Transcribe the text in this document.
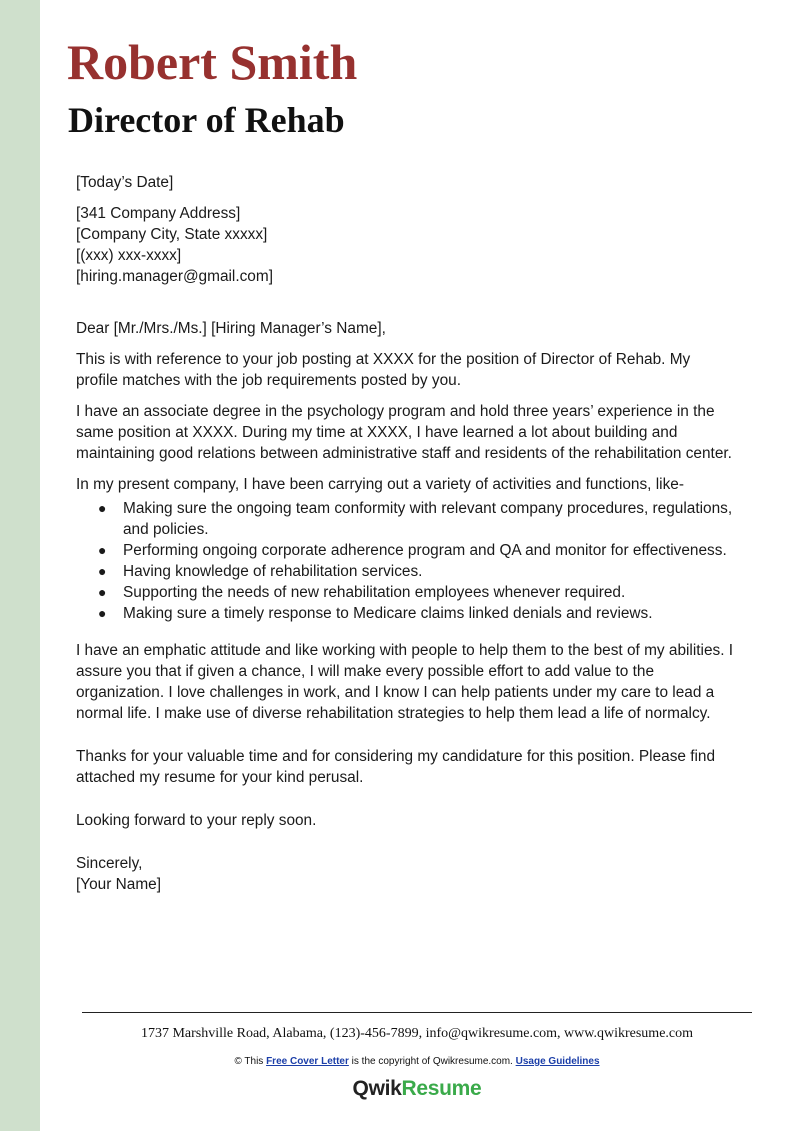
Robert Smith
Director of Rehab

[Today’s Date]

[341 Company Address]

[Company City, State xxxxx]

[(xxx) xxx-xxxx]

[hiring.manager@gmail.com]

Dear [Mr./Mrs./Ms.] [Hiring Manager’s Name],

This is with reference to your job posting at XXXX for the position of Director of Rehab. My profile matches with the job requirements posted by you.

I have an associate degree in the psychology program and hold three years’ experience in the same position at XXXX. During my time at XXXX, I have learned a lot about building and maintaining good relations between administrative staff and residents of the rehabilitation center.

In my present company, I have been carrying out a variety of activities and functions, like-

● Making sure the ongoing team conformity with relevant company procedures, regulations, and policies.
● Performing ongoing corporate adherence program and QA and monitor for effectiveness.
● Having knowledge of rehabilitation services.
● Supporting the needs of new rehabilitation employees whenever required.
● Making sure a timely response to Medicare claims linked denials and reviews.

I have an emphatic attitude and like working with people to help them to the best of my abilities. I assure you that if given a chance, I will make every possible effort to add value to the organization. I love challenges in work, and I know I can help patients under my care to lead a normal life. I make use of diverse rehabilitation strategies to help them lead a life of normalcy.

Thanks for your valuable time and for considering my candidature for this position. Please find attached my resume for your kind perusal.

Looking forward to your reply soon.

Sincerely,

[Your Name]

1737 Marshville Road, Alabama, (123)-456-7899, info@qwikresume.com, www.qwikresume.com
© This Free Cover Letter is the copyright of Qwikresume.com. Usage Guidelines
QwikResume
